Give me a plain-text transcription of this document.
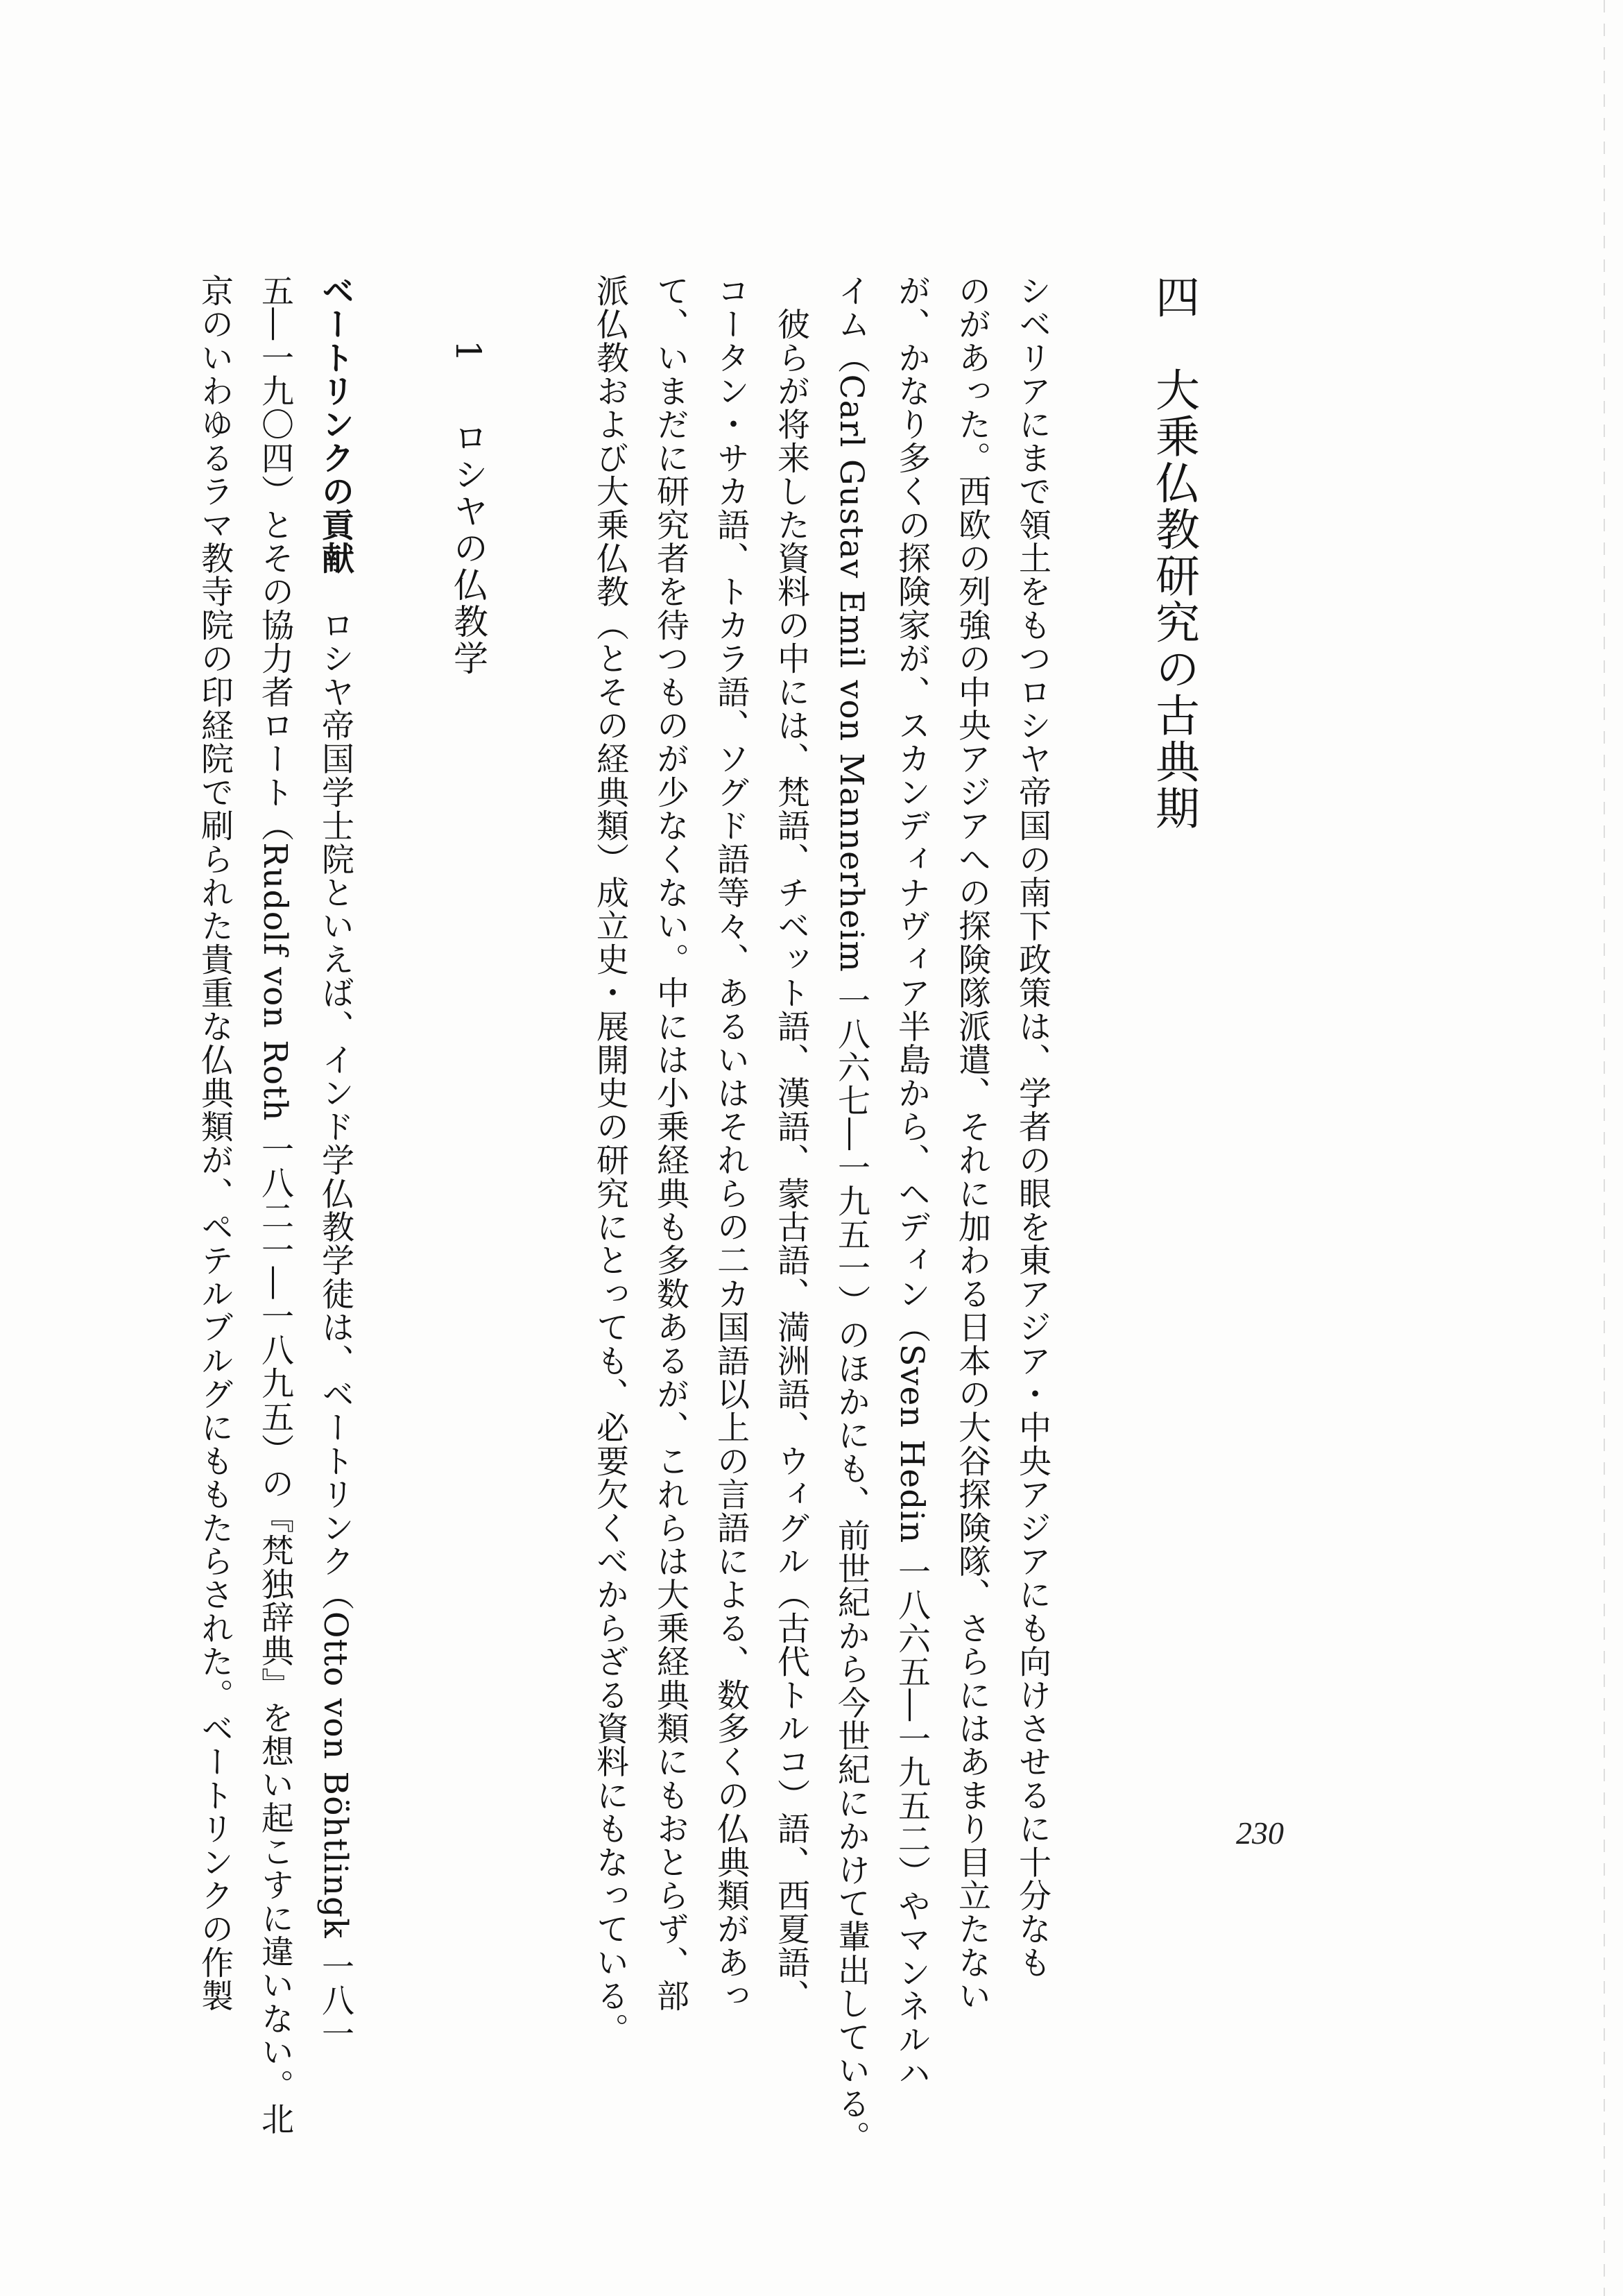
四　大乗仏教研究の古典期
シベリアにまで領土をもつロシヤ帝国の南下政策は、学者の眼を東アジア・中央アジアにも向けさせるに十分なも
のがあった。西欧の列強の中央アジアへの探険隊派遣、それに加わる日本の大谷探険隊、さらにはあまり目立たない
が、かなり多くの探険家が、スカンディナヴィア半島から、ヘディン（Sven Hedin 一八六五―一九五二）やマンネルハ
イム（Carl Gustav Emil von Mannerheim 一八六七―一九五一）のほかにも、前世紀から今世紀にかけて輩出している。
　彼らが将来した資料の中には、梵語、チベット語、漢語、蒙古語、満洲語、ウィグル（古代トルコ）語、西夏語、
コータン・サカ語、トカラ語、ソグド語等々、あるいはそれらの二カ国語以上の言語による、数多くの仏典類があっ
て、いまだに研究者を待つものが少なくない。中には小乗経典も多数あるが、これらは大乗経典類にもおとらず、部
派仏教および大乗仏教（とその経典類）成立史・展開史の研究にとっても、必要欠くべからざる資料にもなっている。
1
ロシヤの仏教学
ベートリンクの貢献　ロシヤ帝国学士院といえば、インド学仏教学徒は、ベートリンク（Otto von Böhtlingk 一八一
五―一九〇四）とその協力者ロート（Rudolf von Roth 一八二一―一八九五）の『梵独辞典』を想い起こすに違いない。北
京のいわゆるラマ教寺院の印経院で刷られた貴重な仏典類が、ペテルブルグにももたらされた。ベートリンクの作製	230
